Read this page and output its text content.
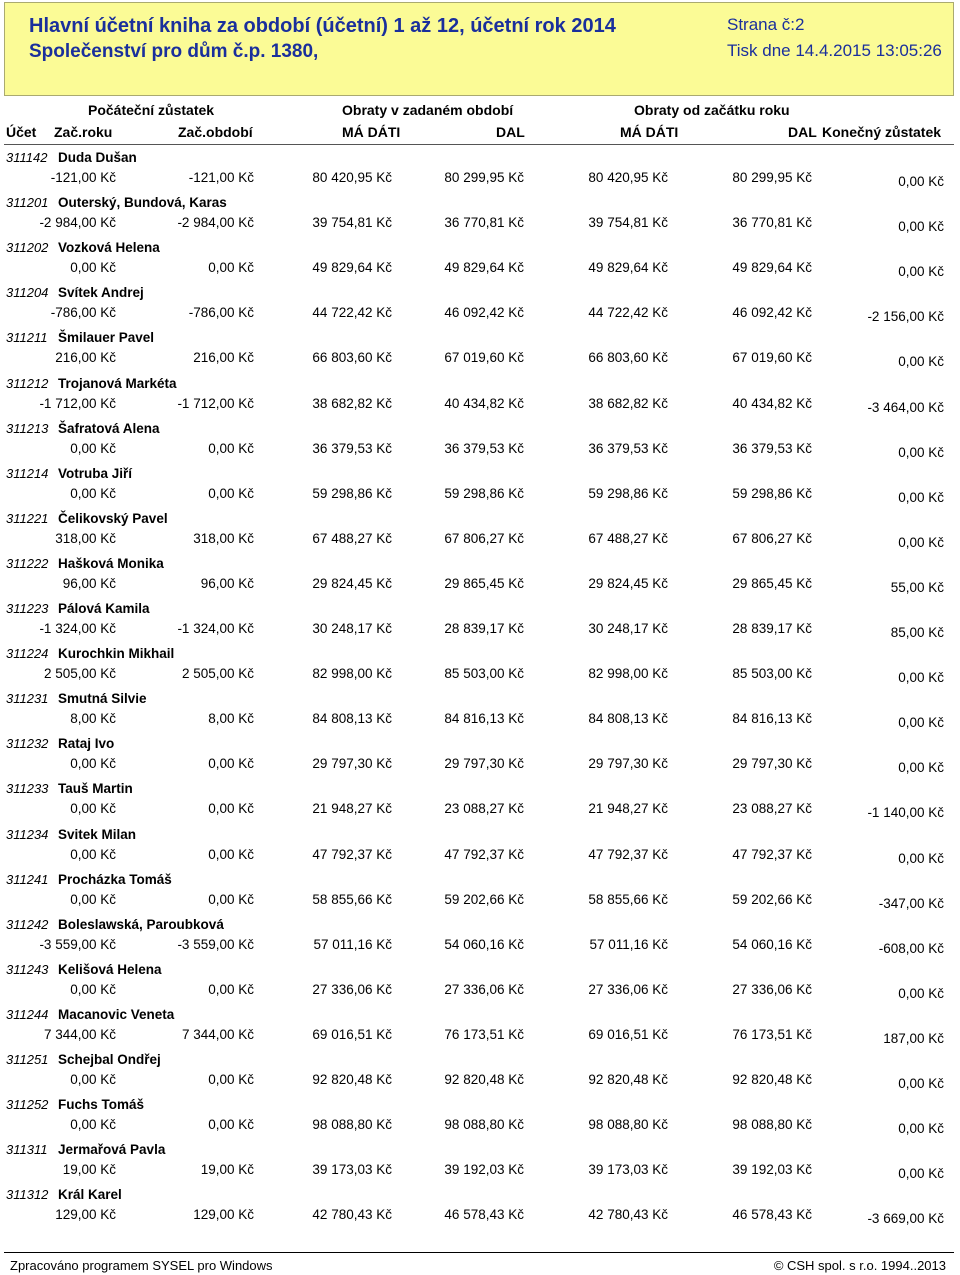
Hlavní účetní kniha za období (účetní) 1 až 12, účetní rok 2014
Společenství pro dům č.p. 1380,
Strana č:2
Tisk dne 14.4.2015 13:05:26
Počáteční zůstatek	Obraty v zadaném období	Obraty od začátku roku
Účet Zač.roku	Zač.období	MÁ DÁTI	DAL	MÁ DÁTI	DAL Konečný zůstatek
311142 Duda Dušan
-121,00 Kč	-121,00 Kč	80 420,95 Kč	80 299,95 Kč	80 420,95 Kč	80 299,95 Kč	0,00 Kč
311201 Outerský, Bundová, Karas
-2 984,00 Kč	-2 984,00 Kč	39 754,81 Kč	36 770,81 Kč	39 754,81 Kč	36 770,81 Kč	0,00 Kč
311202 Vozková Helena
0,00 Kč	0,00 Kč	49 829,64 Kč	49 829,64 Kč	49 829,64 Kč	49 829,64 Kč	0,00 Kč
311204 Svítek Andrej
-786,00 Kč	-786,00 Kč	44 722,42 Kč	46 092,42 Kč	44 722,42 Kč	46 092,42 Kč	-2 156,00 Kč
311211 Šmilauer Pavel
216,00 Kč	216,00 Kč	66 803,60 Kč	67 019,60 Kč	66 803,60 Kč	67 019,60 Kč	0,00 Kč
311212 Trojanová Markéta
-1 712,00 Kč	-1 712,00 Kč	38 682,82 Kč	40 434,82 Kč	38 682,82 Kč	40 434,82 Kč	-3 464,00 Kč
311213 Šafratová Alena
0,00 Kč	0,00 Kč	36 379,53 Kč	36 379,53 Kč	36 379,53 Kč	36 379,53 Kč	0,00 Kč
311214 Votruba Jiří
0,00 Kč	0,00 Kč	59 298,86 Kč	59 298,86 Kč	59 298,86 Kč	59 298,86 Kč	0,00 Kč
311221 Čelikovský Pavel
318,00 Kč	318,00 Kč	67 488,27 Kč	67 806,27 Kč	67 488,27 Kč	67 806,27 Kč	0,00 Kč
311222 Hašková Monika
96,00 Kč	96,00 Kč	29 824,45 Kč	29 865,45 Kč	29 824,45 Kč	29 865,45 Kč	55,00 Kč
311223 Pálová Kamila
-1 324,00 Kč	-1 324,00 Kč	30 248,17 Kč	28 839,17 Kč	30 248,17 Kč	28 839,17 Kč	85,00 Kč
311224 Kurochkin Mikhail
2 505,00 Kč	2 505,00 Kč	82 998,00 Kč	85 503,00 Kč	82 998,00 Kč	85 503,00 Kč	0,00 Kč
311231 Smutná Silvie
8,00 Kč	8,00 Kč	84 808,13 Kč	84 816,13 Kč	84 808,13 Kč	84 816,13 Kč	0,00 Kč
311232 Rataj Ivo
0,00 Kč	0,00 Kč	29 797,30 Kč	29 797,30 Kč	29 797,30 Kč	29 797,30 Kč	0,00 Kč
311233 Tauš Martin
0,00 Kč	0,00 Kč	21 948,27 Kč	23 088,27 Kč	21 948,27 Kč	23 088,27 Kč	-1 140,00 Kč
311234 Svitek Milan
0,00 Kč	0,00 Kč	47 792,37 Kč	47 792,37 Kč	47 792,37 Kč	47 792,37 Kč	0,00 Kč
311241 Procházka Tomáš
0,00 Kč	0,00 Kč	58 855,66 Kč	59 202,66 Kč	58 855,66 Kč	59 202,66 Kč	-347,00 Kč
311242 Boleslawská, Paroubková
-3 559,00 Kč	-3 559,00 Kč	57 011,16 Kč	54 060,16 Kč	57 011,16 Kč	54 060,16 Kč	-608,00 Kč
311243 Kelišová Helena
0,00 Kč	0,00 Kč	27 336,06 Kč	27 336,06 Kč	27 336,06 Kč	27 336,06 Kč	0,00 Kč
311244 Macanovic Veneta
7 344,00 Kč	7 344,00 Kč	69 016,51 Kč	76 173,51 Kč	69 016,51 Kč	76 173,51 Kč	187,00 Kč
311251 Schejbal Ondřej
0,00 Kč	0,00 Kč	92 820,48 Kč	92 820,48 Kč	92 820,48 Kč	92 820,48 Kč	0,00 Kč
311252 Fuchs Tomáš
0,00 Kč	0,00 Kč	98 088,80 Kč	98 088,80 Kč	98 088,80 Kč	98 088,80 Kč	0,00 Kč
311311 Jermařová Pavla
19,00 Kč	19,00 Kč	39 173,03 Kč	39 192,03 Kč	39 173,03 Kč	39 192,03 Kč	0,00 Kč
311312 Král Karel
129,00 Kč	129,00 Kč	42 780,43 Kč	46 578,43 Kč	42 780,43 Kč	46 578,43 Kč	-3 669,00 Kč
Zpracováno programem SYSEL pro Windows	© CSH spol. s r.o. 1994..2013
